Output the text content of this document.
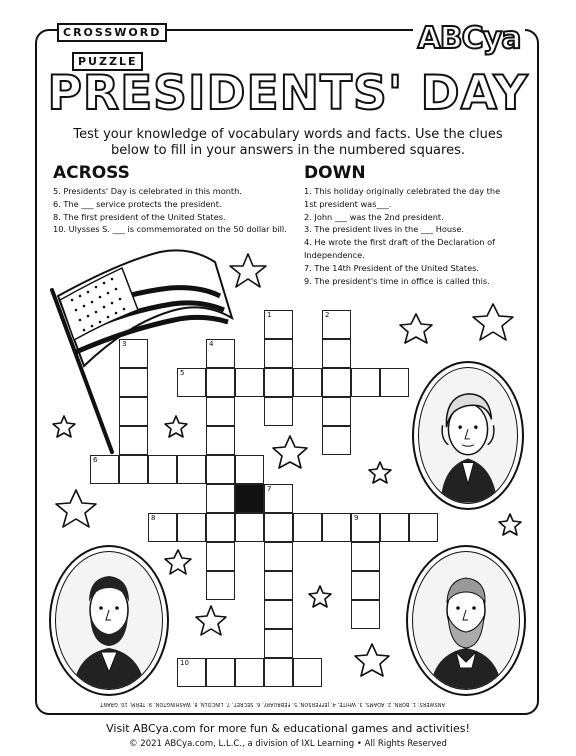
CROSSWORD
PUZZLE
ABCya
PRESIDENTS' DAY
Test your knowledge of vocabulary words and facts. Use the clues below to fill in your answers in the numbered squares.
ACROSS
5. Presidents' Day is celebrated in this month.
6. The ___ service protects the president.
8. The first president of the United States.
10. Ulysses S. ___ is commemorated on the 50 dollar bill.
DOWN
1. This holiday originally celebrated the day the 1st president was___.
2. John ___ was the 2nd president.
3. The president lives in the ___ House.
4. He wrote the first draft of the Declaration of Independence.
7. The 14th President of the United States.
9. The president's time in office is called this.
1	2
3	4
7
9
5
6
8
10
ANSWERS: 1. BORN, 2. ADAMS, 3. WHITE, 4. JEFFERSON, 5. FEBRUARY, 6. SECRET, 7. LINCOLN, 8. WASHINGTON, 9. TERM, 10. GRANT
Visit ABCya.com for more fun & educational games and activities!
© 2021 ABCya.com, L.L.C., a division of IXL Learning • All Rights Reserved
